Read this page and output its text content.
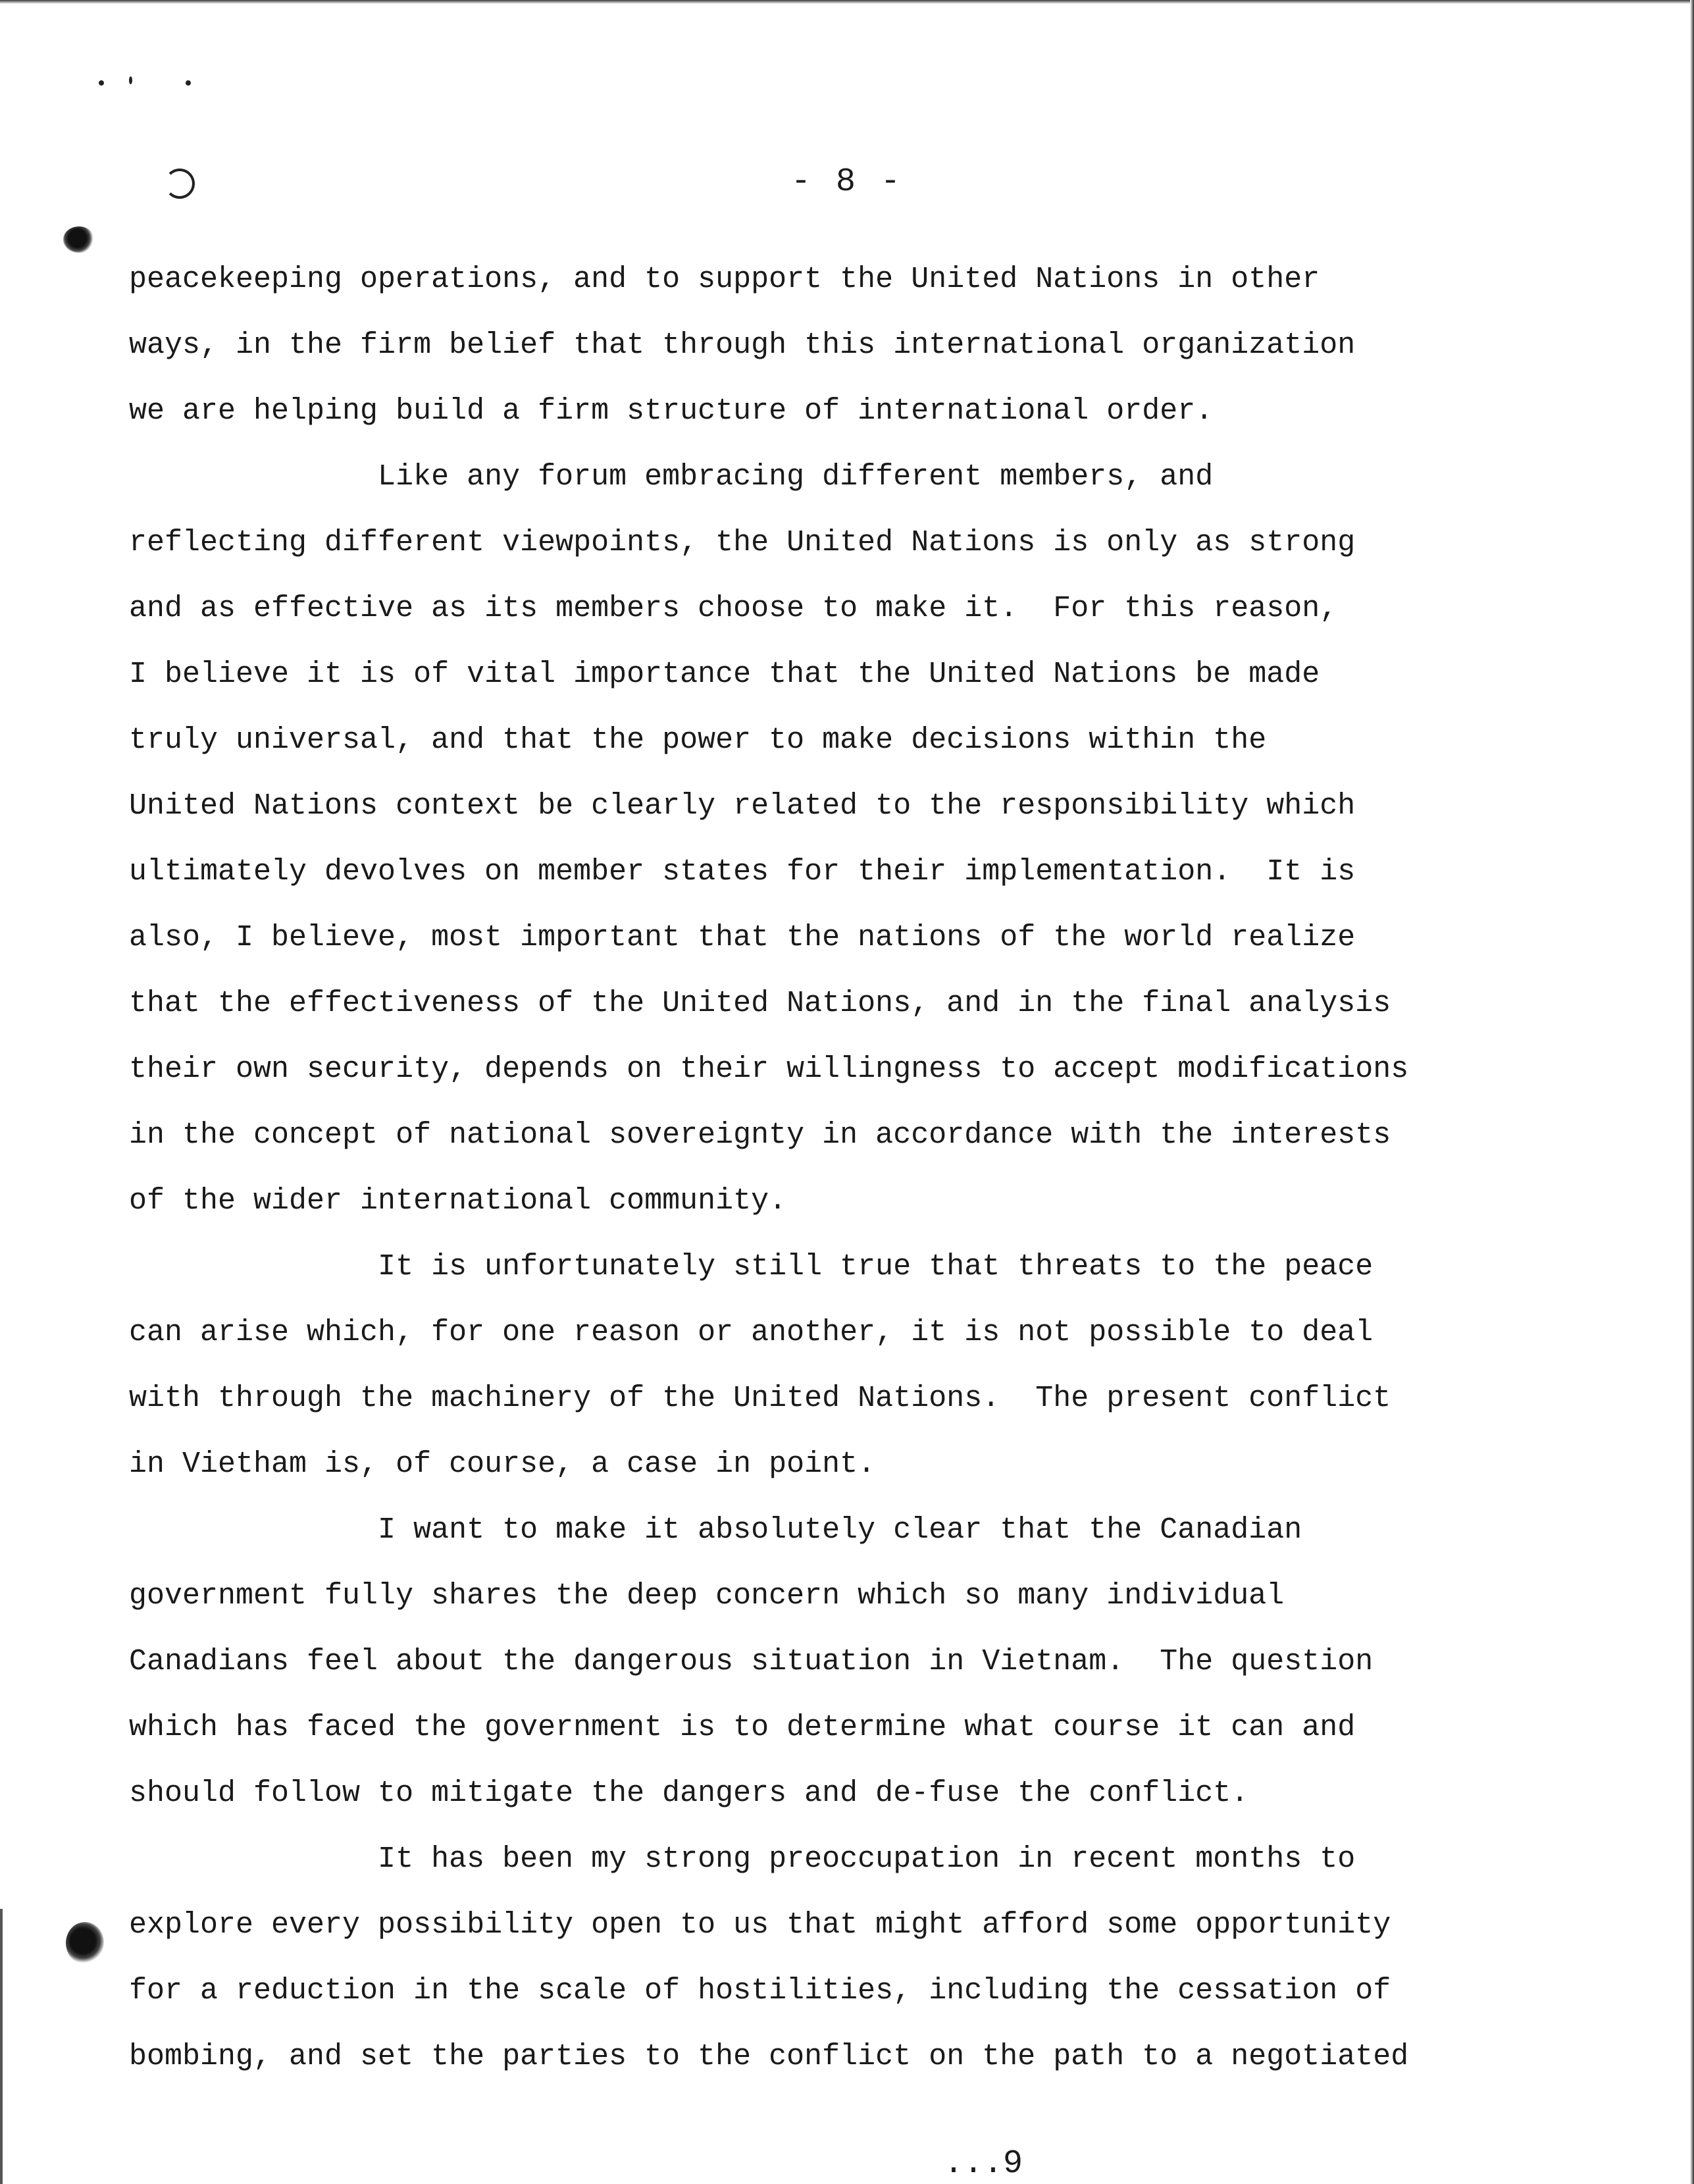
- 8 -
peacekeeping operations, and to support the United Nations in other
ways, in the firm belief that through this international organization
we are helping build a firm structure of international order.
Like any forum embracing different members, and
reflecting different viewpoints, the United Nations is only as strong
and as effective as its members choose to make it.  For this reason,
I believe it is of vital importance that the United Nations be made
truly universal, and that the power to make decisions within the
United Nations context be clearly related to the responsibility which
ultimately devolves on member states for their implementation.  It is
also, I believe, most important that the nations of the world realize
that the effectiveness of the United Nations, and in the final analysis
their own security, depends on their willingness to accept modifications
in the concept of national sovereignty in accordance with the interests
of the wider international community.
It is unfortunately still true that threats to the peace
can arise which, for one reason or another, it is not possible to deal
with through the machinery of the United Nations.  The present conflict
in Vietham is, of course, a case in point.
I want to make it absolutely clear that the Canadian
government fully shares the deep concern which so many individual
Canadians feel about the dangerous situation in Vietnam.  The question
which has faced the government is to determine what course it can and
should follow to mitigate the dangers and de-fuse the conflict.
It has been my strong preoccupation in recent months to
explore every possibility open to us that might afford some opportunity
for a reduction in the scale of hostilities, including the cessation of
bombing, and set the parties to the conflict on the path to a negotiated
...9
